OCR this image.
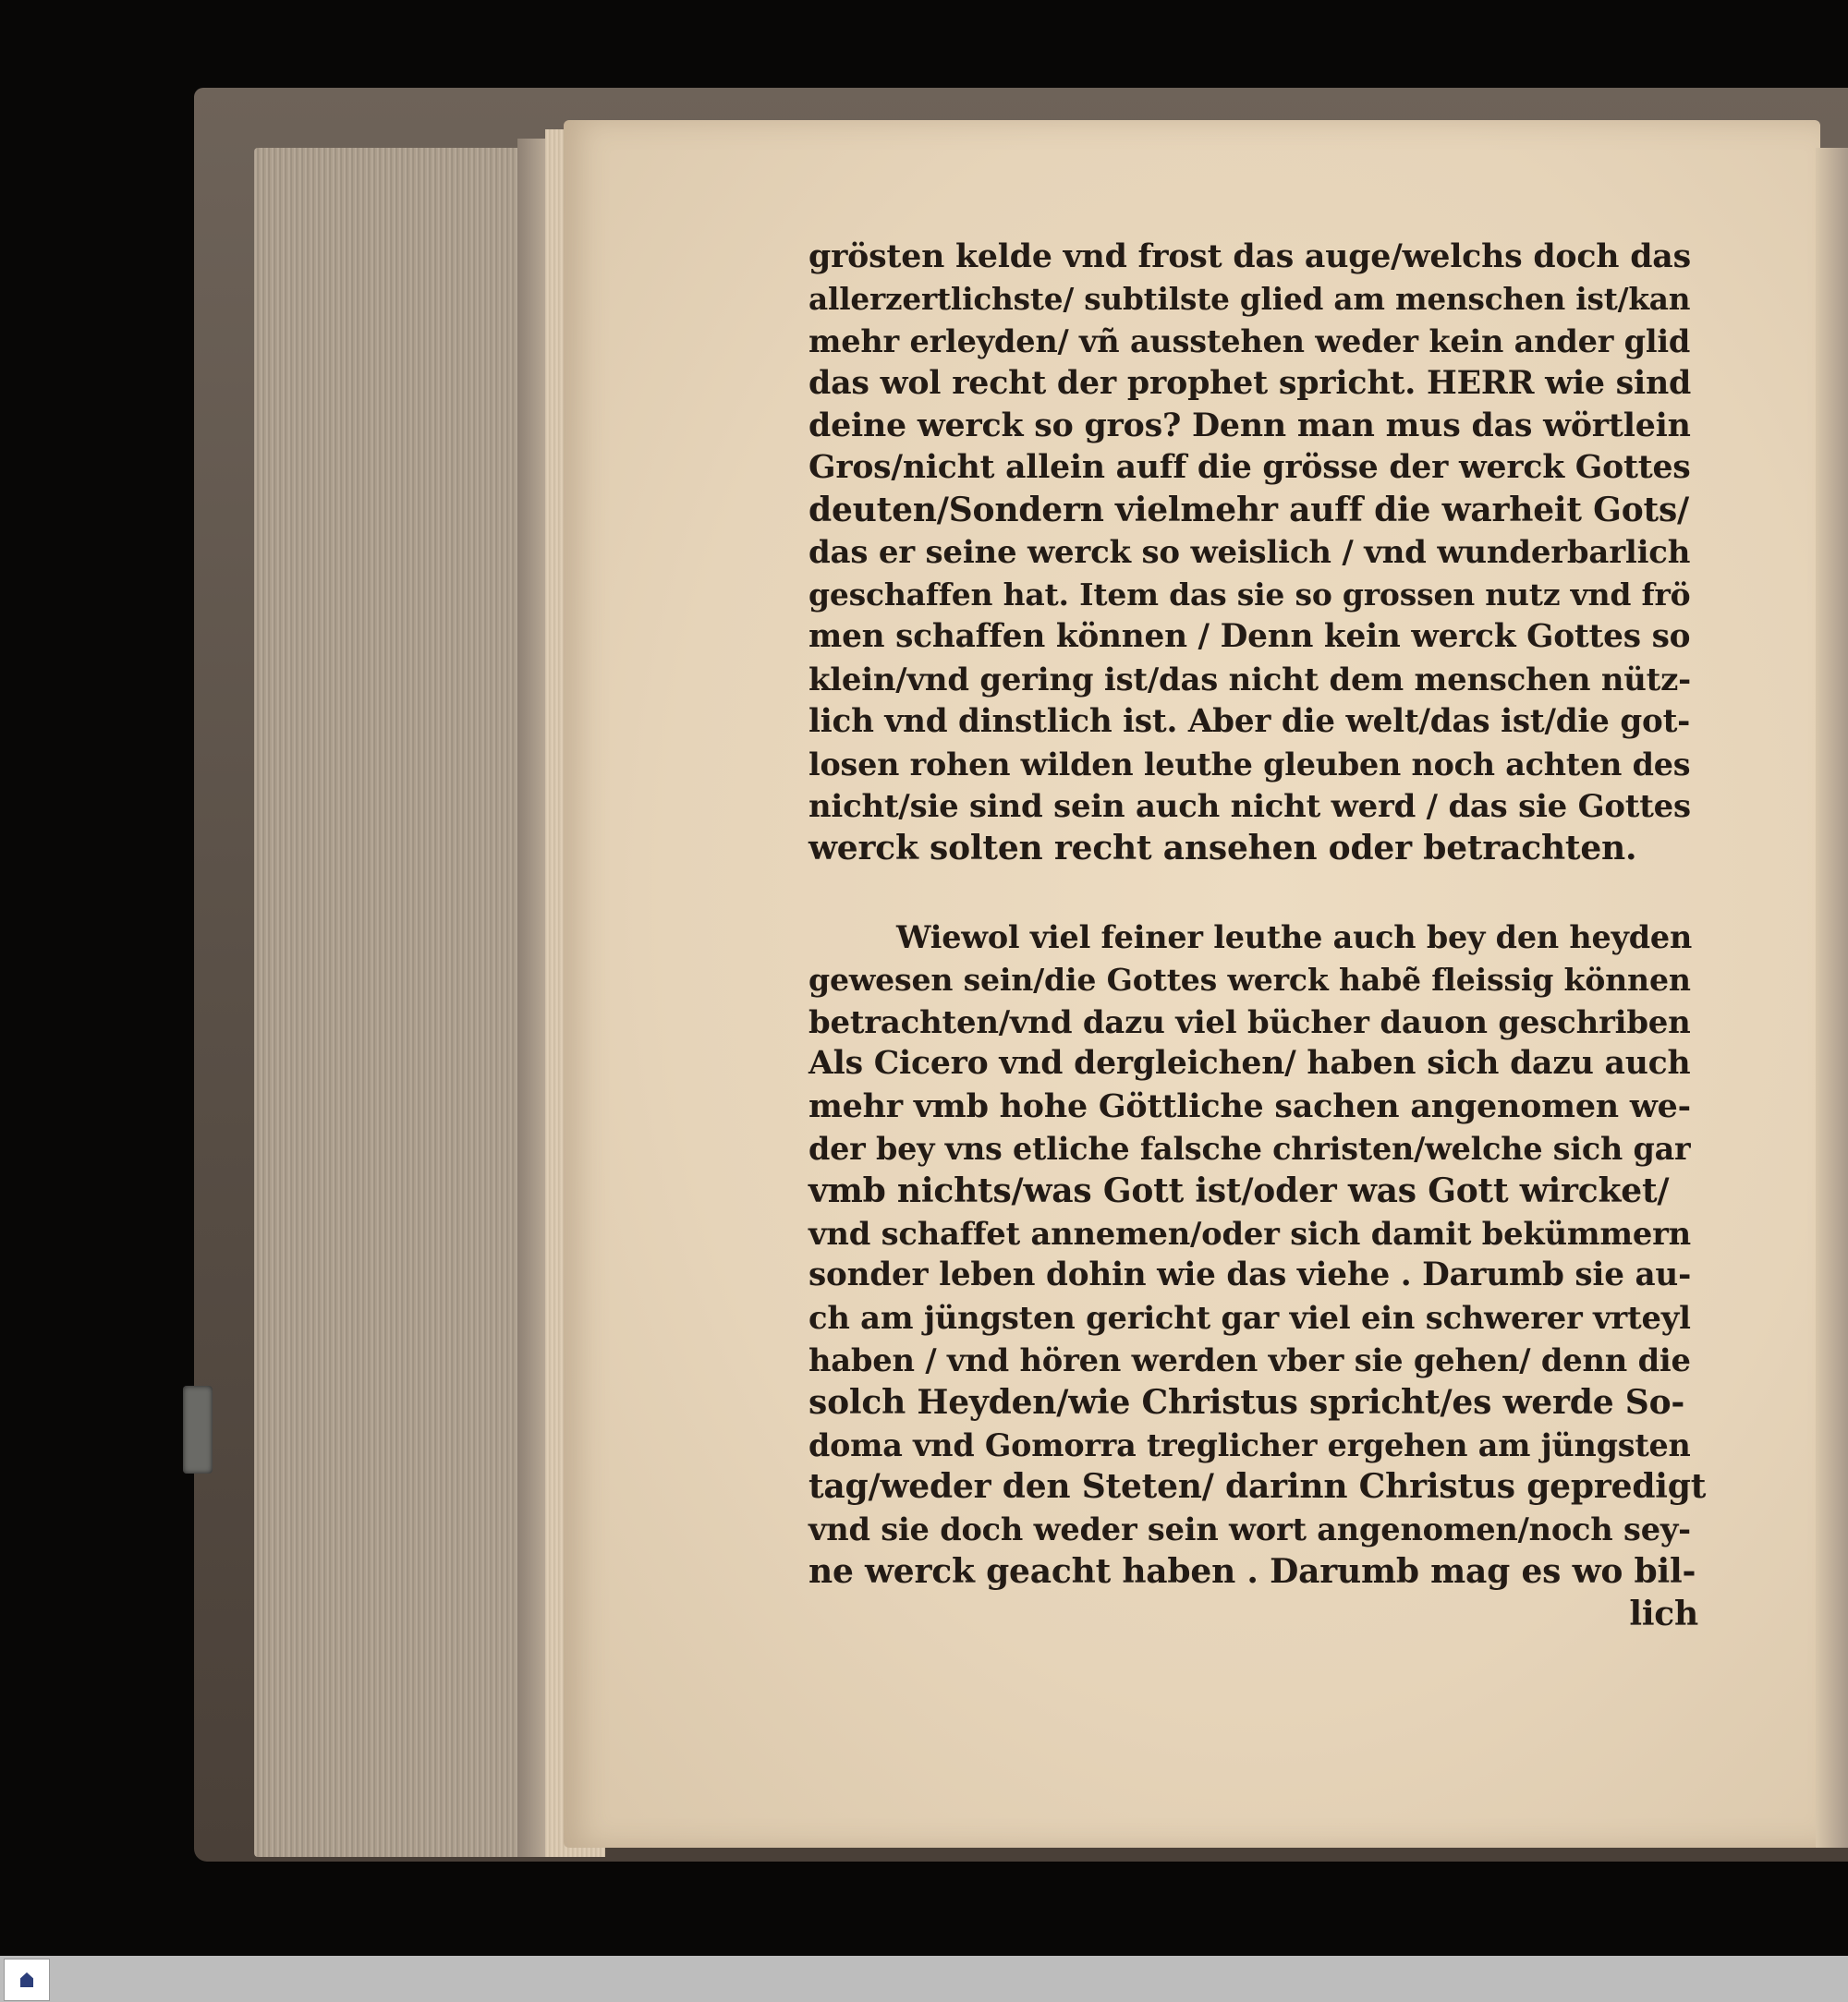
grösten kelde vnd frost das auge/welchs doch das
allerzertlichste/ subtilste glied am menschen ist/kan
mehr erleyden/ vñ ausstehen weder kein ander glid
das wol recht der prophet spricht. HERR wie sind
deine werck so gros? Denn man mus das wörtlein
Gros/nicht allein auff die grösse der werck Gottes
deuten/Sondern vielmehr auff die warheit Gots/
das er seine werck so weislich / vnd wunderbarlich
geschaffen hat. Item das sie so grossen nutz vnd frö
men schaffen können / Denn kein werck Gottes so
klein/vnd gering ist/das nicht dem menschen nütz-
lich vnd dinstlich ist. Aber die welt/das ist/die got-
losen rohen wilden leuthe gleuben noch achten des
nicht/sie sind sein auch nicht werd / das sie Gottes
werck solten recht ansehen oder betrachten.
Wiewol viel feiner leuthe auch bey den heyden
gewesen sein/die Gottes werck habẽ fleissig können
betrachten/vnd dazu viel bücher dauon geschriben
Als Cicero vnd dergleichen/ haben sich dazu auch
mehr vmb hohe Göttliche sachen angenomen we-
der bey vns etliche falsche christen/welche sich gar
vmb nichts/was Gott ist/oder was Gott wircket/
vnd schaffet annemen/oder sich damit bekümmern
sonder leben dohin wie das viehe . Darumb sie au-
ch am jüngsten gericht gar viel ein schwerer vrteyl
haben / vnd hören werden vber sie gehen/ denn die
solch Heyden/wie Christus spricht/es werde So-
doma vnd Gomorra treglicher ergehen am jüngsten
tag/weder den Steten/ darinn Christus gepredigt
vnd sie doch weder sein wort angenomen/noch sey-
ne werck geacht haben . Darumb mag es wo bil-
lich
